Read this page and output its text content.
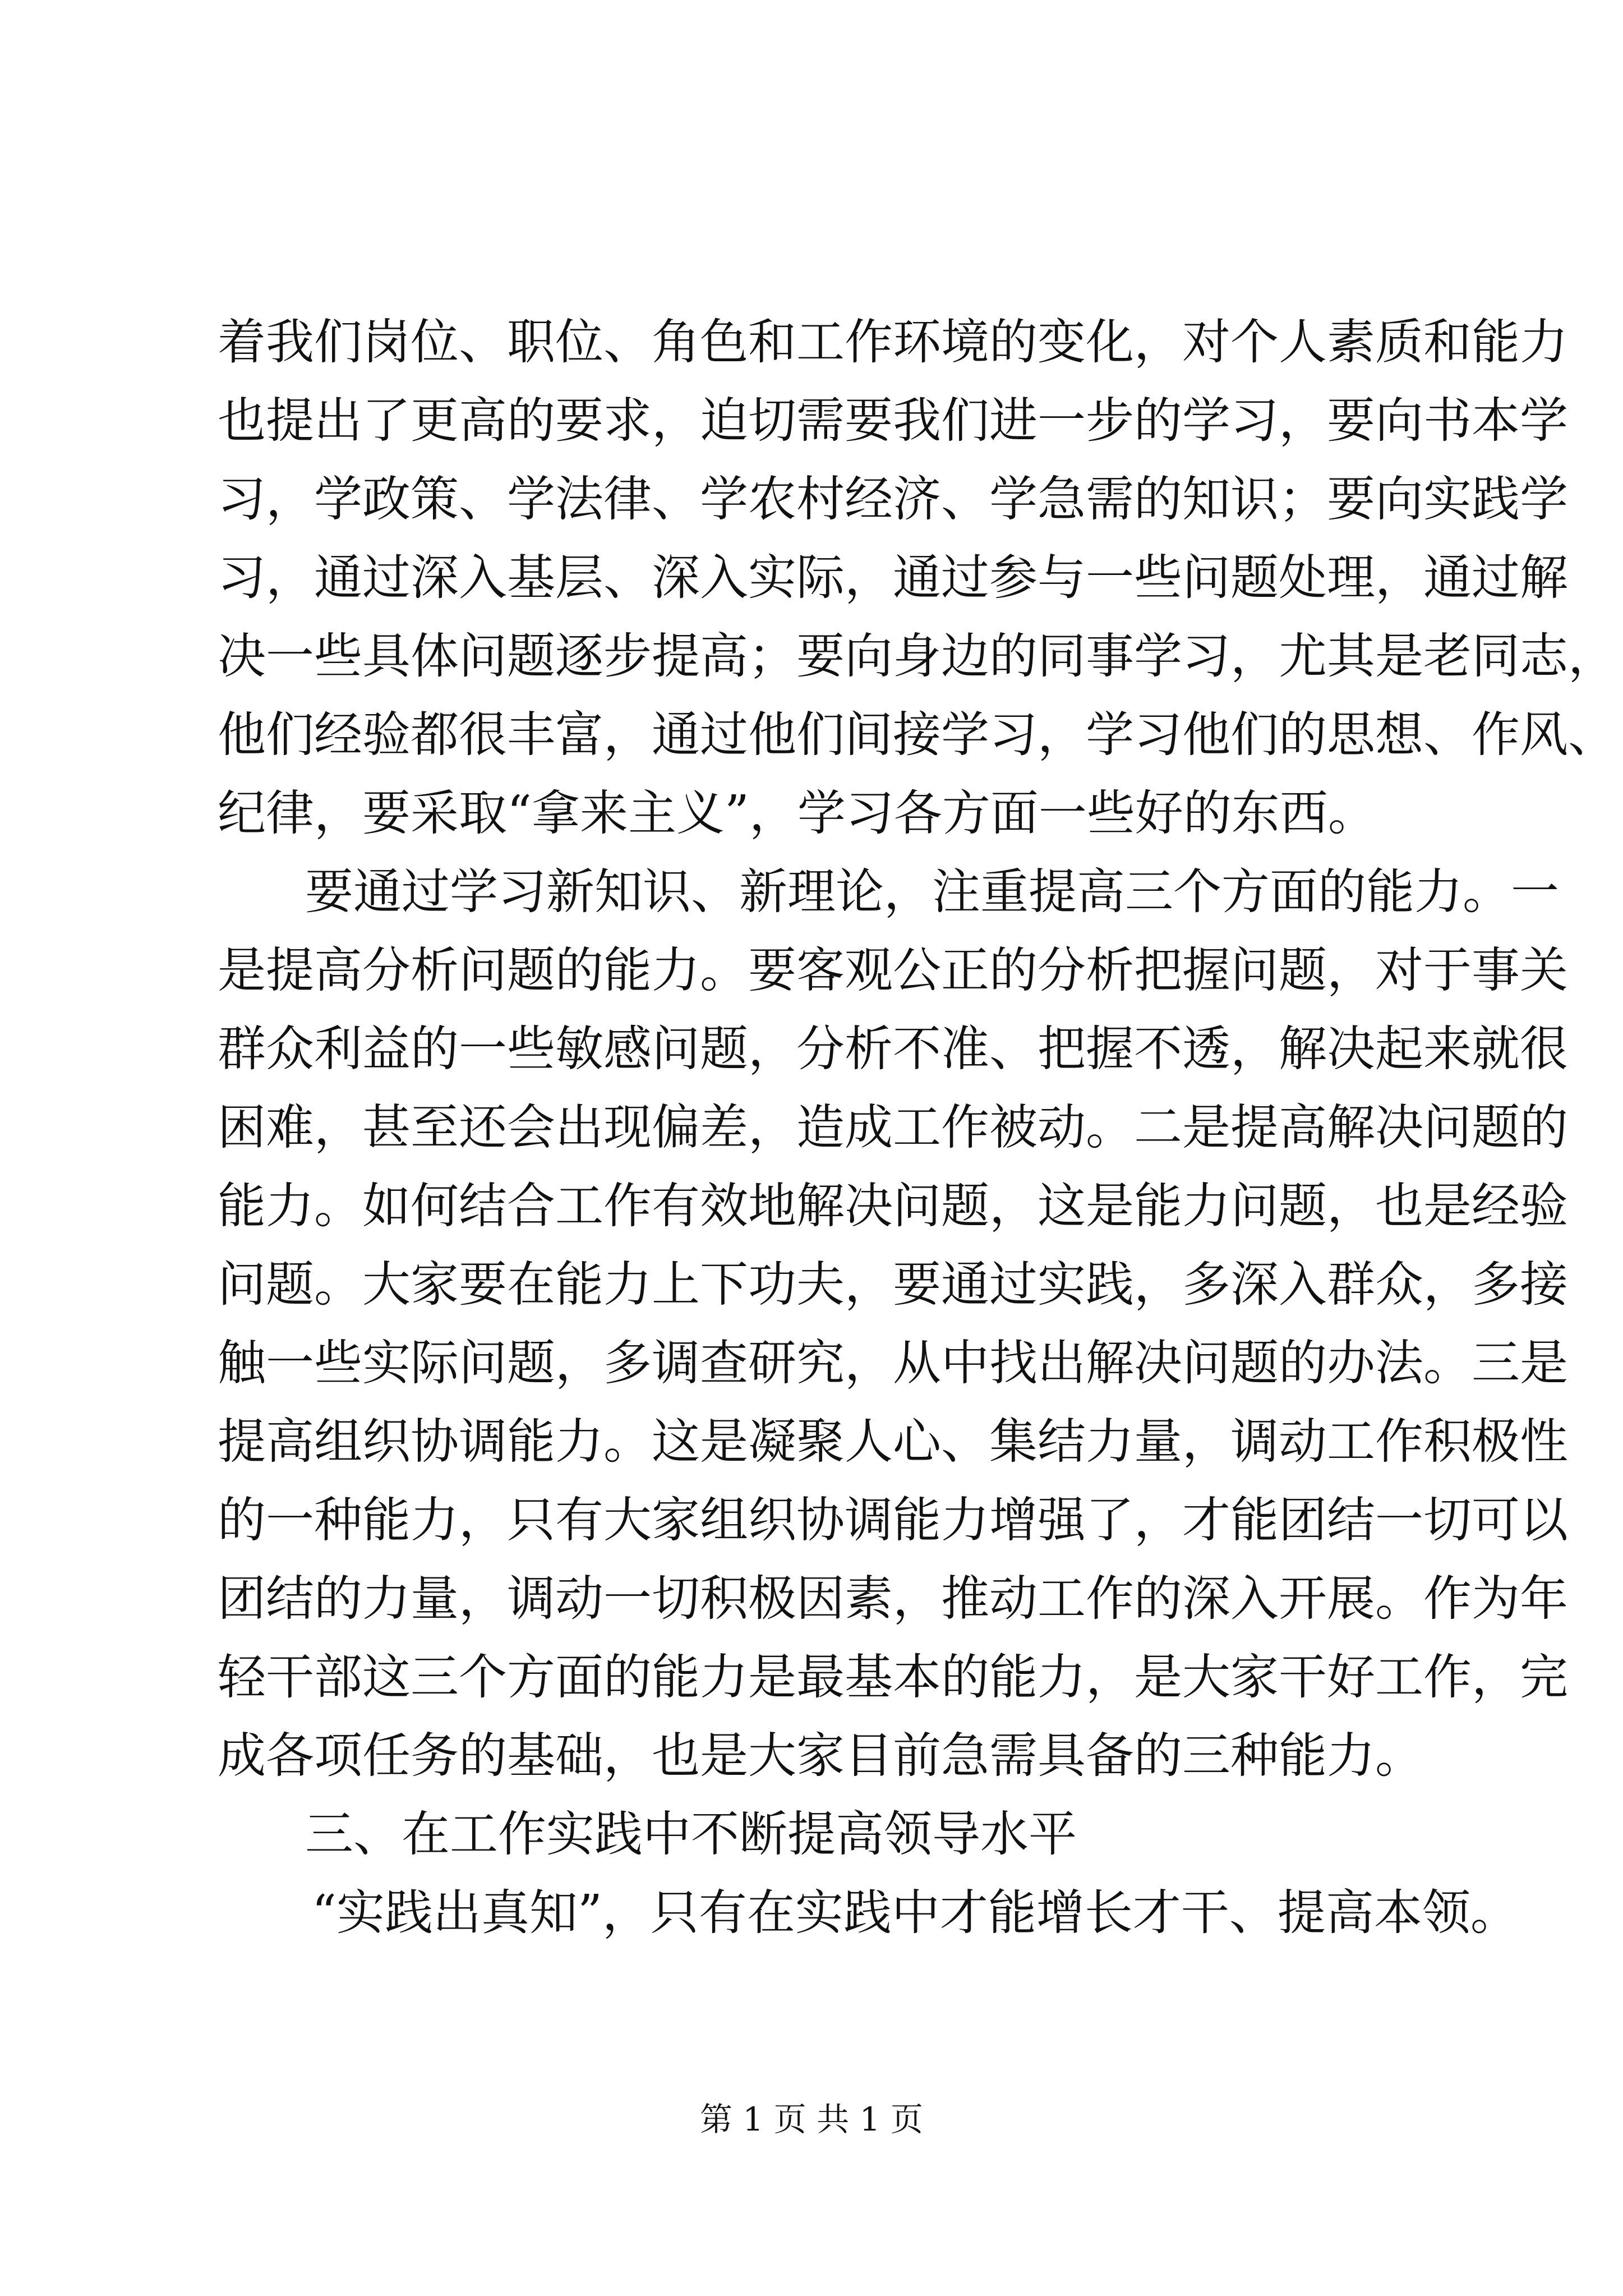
着我们岗位、职位、角色和工作环境的变化，对个人素质和能力
也提出了更高的要求，迫切需要我们进一步的学习，要向书本学
习，学政策、学法律、学农村经济、学急需的知识；要向实践学
习，通过深入基层、深入实际，通过参与一些问题处理，通过解
决一些具体问题逐步提高；要向身边的同事学习，尤其是老同志，
他们经验都很丰富，通过他们间接学习，学习他们的思想、作风、
纪律，要采取“拿来主义”，学习各方面一些好的东西。
要通过学习新知识、新理论，注重提高三个方面的能力。一
是提高分析问题的能力。要客观公正的分析把握问题，对于事关
群众利益的一些敏感问题，分析不准、把握不透，解决起来就很
困难，甚至还会出现偏差，造成工作被动。二是提高解决问题的
能力。如何结合工作有效地解决问题，这是能力问题，也是经验
问题。大家要在能力上下功夫，要通过实践，多深入群众，多接
触一些实际问题，多调查研究，从中找出解决问题的办法。三是
提高组织协调能力。这是凝聚人心、集结力量，调动工作积极性
的一种能力，只有大家组织协调能力增强了，才能团结一切可以
团结的力量，调动一切积极因素，推动工作的深入开展。作为年
轻干部这三个方面的能力是最基本的能力，是大家干好工作，完
成各项任务的基础，也是大家目前急需具备的三种能力。
三、在工作实践中不断提高领导水平
“实践出真知”，只有在实践中才能增长才干、提高本领。
第 1 页 共 1 页
